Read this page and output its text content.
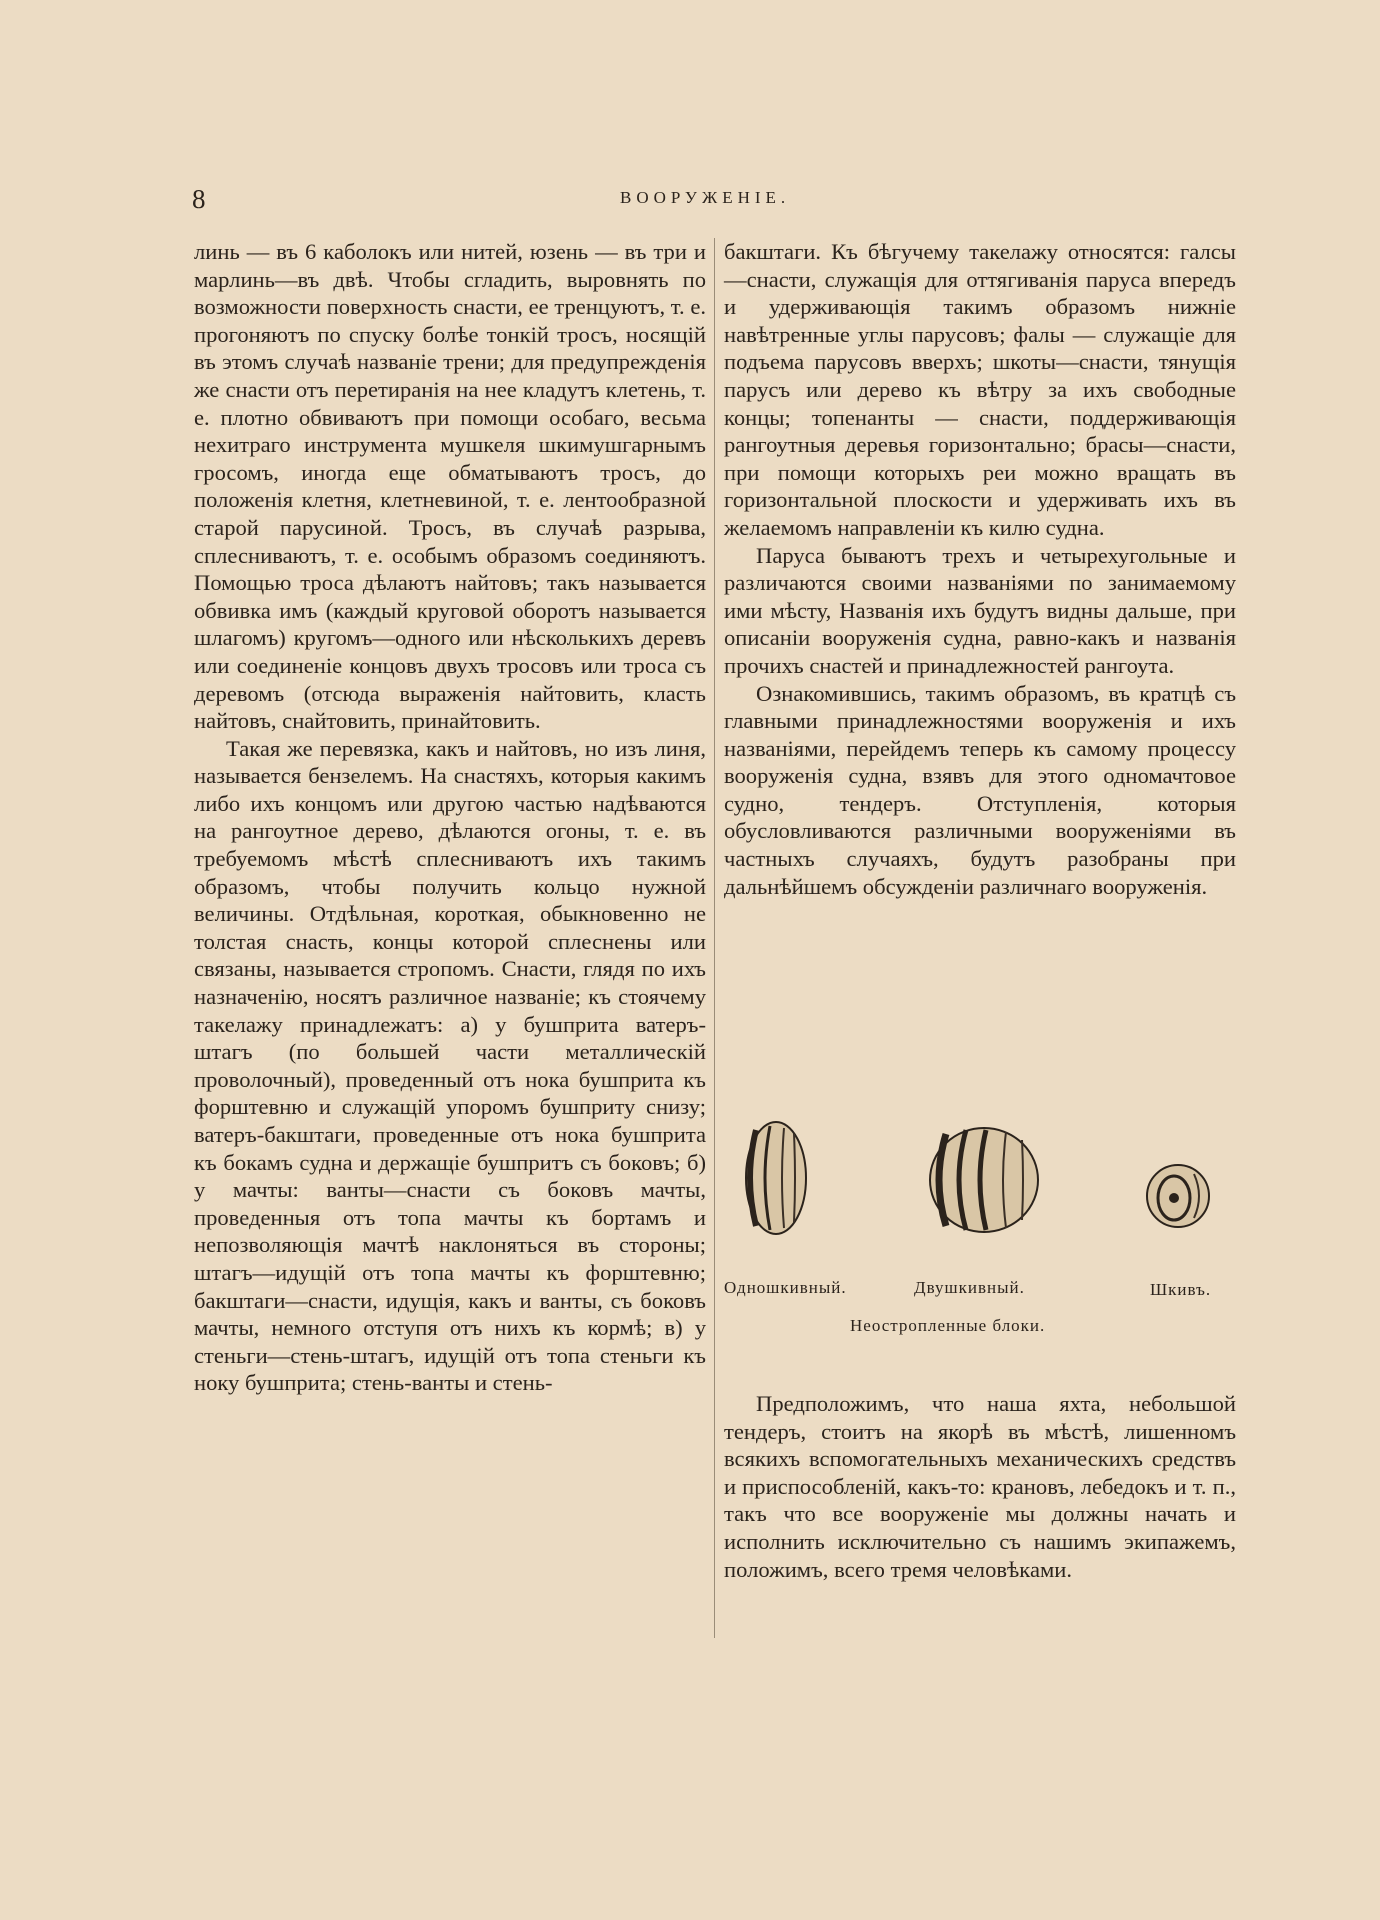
8	ВООРУЖЕНІЕ.

линь — въ 6 каболокъ или нитей, юзень — въ три и марлинь—въ двѣ. Чтобы сгладить, выровнять по возможности поверхность снасти, ее тренцуютъ, т. е. прогоняютъ по спуску болѣе тонкій тросъ, носящій въ этомъ случаѣ названіе трени; для предупрежденія же снасти отъ перетиранія на нее кладутъ клетень, т. е. плотно обвиваютъ при помощи особаго, весьма нехитраго инструмента мушкеля шкимушгарнымъ гросомъ, иногда еще обматываютъ тросъ, до положенія клетня, клетневиной, т. е. лентообразной старой парусиной. Тросъ, въ случаѣ разрыва, сплесниваютъ, т. е. особымъ образомъ соединяютъ. Помощью троса дѣлаютъ найтовъ; такъ называется обвивка имъ (каждый круговой оборотъ называется шлагомъ) кругомъ—одного или нѣсколькихъ деревъ или соединеніе концовъ двухъ тросовъ или троса съ деревомъ (отсюда выраженія найтовить, класть найтовъ, снайтовить, принайтовить.

Такая же перевязка, какъ и найтовъ, но изъ линя, называется бензелемъ. На снастяхъ, которыя какимъ либо ихъ концомъ или другою частью надѣваются на рангоутное дерево, дѣлаются огоны, т. е. въ требуемомъ мѣстѣ сплесниваютъ ихъ такимъ образомъ, чтобы получить кольцо нужной величины. Отдѣльная, короткая, обыкновенно не толстая снасть, концы которой сплеснены или связаны, называется стропомъ. Снасти, глядя по ихъ назначенію, носятъ различное названіе; къ стоячему такелажу принадлежатъ: а) у бушприта ватеръ-штагъ (по большей части металлическій проволочный), проведенный отъ нока бушприта къ форштевню и служащій упоромъ бушприту снизу; ватеръ-бакштаги, проведенные отъ нока бушприта къ бокамъ судна и держащіе бушпритъ съ боковъ; б) у мачты: ванты—снасти съ боковъ мачты, проведенныя отъ топа мачты къ бортамъ и непозволяющія мачтѣ наклоняться въ стороны; штагъ—идущій отъ топа мачты къ форштевню; бакштаги—снасти, идущія, какъ и ванты, съ боковъ мачты, немного отступя отъ нихъ къ кормѣ; в) у стеньги—стень-штагъ, идущій отъ топа стеньги къ ноку бушприта; стень-ванты и стень-

бакштаги. Къ бѣгучему такелажу относятся: галсы—снасти, служащія для оттягиванія паруса впередъ и удерживающія такимъ образомъ нижніе навѣтренные углы парусовъ; фалы — служащіе для подъема парусовъ вверхъ; шкоты—снасти, тянущія парусъ или дерево къ вѣтру за ихъ свободные концы; топенанты — снасти, поддерживающія рангоутныя деревья горизонтально; брасы—снасти, при помощи которыхъ реи можно вращать въ горизонтальной плоскости и удерживать ихъ въ желаемомъ направленіи къ килю судна.

Паруса бываютъ трехъ и четырехугольные и различаются своими названіями по занимаемому ими мѣсту, Названія ихъ будутъ видны дальше, при описаніи вооруженія судна, равно-какъ и названія прочихъ снастей и принадлежностей рангоута.

Ознакомившись, такимъ образомъ, въ кратцѣ съ главными принадлежностями вооруженія и ихъ названіями, перейдемъ теперь къ самому процессу вооруженія судна, взявъ для этого одномачтовое судно, тендеръ. Отступленія, которыя обусловливаются различными вооруженіями въ частныхъ случаяхъ, будутъ разобраны при дальнѣйшемъ обсужденіи различнаго вооруженія.

Одношкивный.	Двушкивный.	Шкивъ.
Неостропленные блоки.

Предположимъ, что наша яхта, небольшой тендеръ, стоитъ на якорѣ въ мѣстѣ, лишенномъ всякихъ вспомогательныхъ механическихъ средствъ и приспособленій, какъ-то: крановъ, лебедокъ и т. п., такъ что все вооруженіе мы должны начать и исполнить исключительно съ нашимъ экипажемъ, положимъ, всего тремя человѣками.
